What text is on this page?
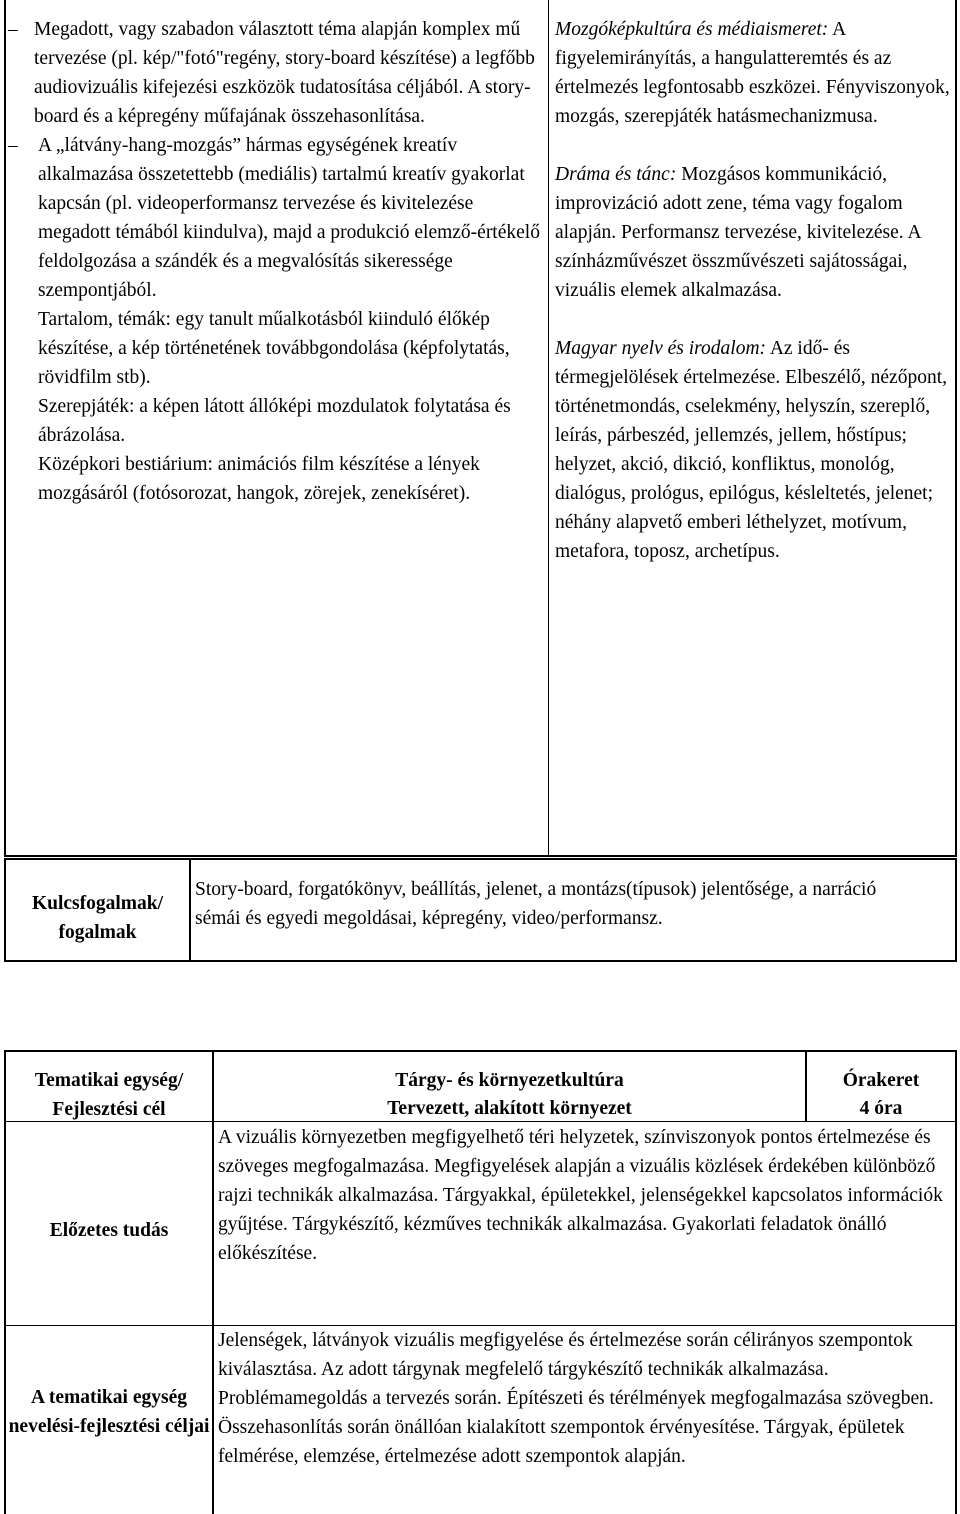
– Megadott, vagy szabadon választott téma alapján komplex mű tervezése (pl. kép/"fotó"regény, story-board készítése) a legfőbb audiovizuális kifejezési eszközök tudatosítása céljából. A story-board és a képregény műfajának összehasonlítása.

– A „látvány-hang-mozgás” hármas egységének kreatív alkalmazása összetettebb (mediális) tartalmú kreatív gyakorlat kapcsán (pl. videoperformansz tervezése és kivitelezése megadott témából kiindulva), majd a produkció elemző-értékelő feldolgozása a szándék és a megvalósítás sikeressége szempontjából.

Tartalom, témák: egy tanult műalkotásból kiinduló élőkép készítése, a kép történetének továbbgondolása (képfolytatás, rövidfilm stb).

Szerepjáték: a képen látott állóképi mozdulatok folytatása és ábrázolása.

Középkori bestiárium: animációs film készítése a lények mozgásáról (fotósorozat, hangok, zörejek, zenekíséret).

Mozgóképkultúra és médiaismeret: A figyelemirányítás, a hangulatteremtés és az értelmezés legfontosabb eszközei. Fényviszonyok, mozgás, szerepjáték hatásmechanizmusa.

Dráma és tánc: Mozgásos kommunikáció, improvizáció adott zene, téma vagy fogalom alapján. Performansz tervezése, kivitelezése. A színházművészet összművészeti sajátosságai, vizuális elemek alkalmazása.

Magyar nyelv és irodalom: Az idő- és térmegjelölések értelmezése. Elbeszélő, nézőpont, történetmondás, cselekmény, helyszín, szereplő, leírás, párbeszéd, jellemzés, jellem, hőstípus; helyzet, akció, dikció, konfliktus, monológ, dialógus, prológus, epilógus, késleltetés, jelenet; néhány alapvető emberi léthelyzet, motívum, metafora, toposz, archetípus.

Kulcsfogalmak/ fogalmak
Story-board, forgatókönyv, beállítás, jelenet, a montázs(típusok) jelentősége, a narráció sémái és egyedi megoldásai, képregény, video/performansz.
Tematikai egység/ Fejlesztési cél
Tárgy- és környezetkultúra
Tervezett, alakított környezet
Órakeret
4 óra
Előzetes tudás
A vizuális környezetben megfigyelhető téri helyzetek, színviszonyok pontos értelmezése és szöveges megfogalmazása. Megfigyelések alapján a vizuális közlések érdekében különböző rajzi technikák alkalmazása. Tárgyakkal, épületekkel, jelenségekkel kapcsolatos információk gyűjtése. Tárgykészítő, kézműves technikák alkalmazása. Gyakorlati feladatok önálló előkészítése.
A tematikai egység nevelési-fejlesztési céljai
Jelenségek, látványok vizuális megfigyelése és értelmezése során célirányos szempontok kiválasztása. Az adott tárgynak megfelelő tárgykészítő technikák alkalmazása. Problémamegoldás a tervezés során. Építészeti és térélmények megfogalmazása szövegben. Összehasonlítás során önállóan kialakított szempontok érvényesítése. Tárgyak, épületek felmérése, elemzése, értelmezése adott szempontok alapján.
